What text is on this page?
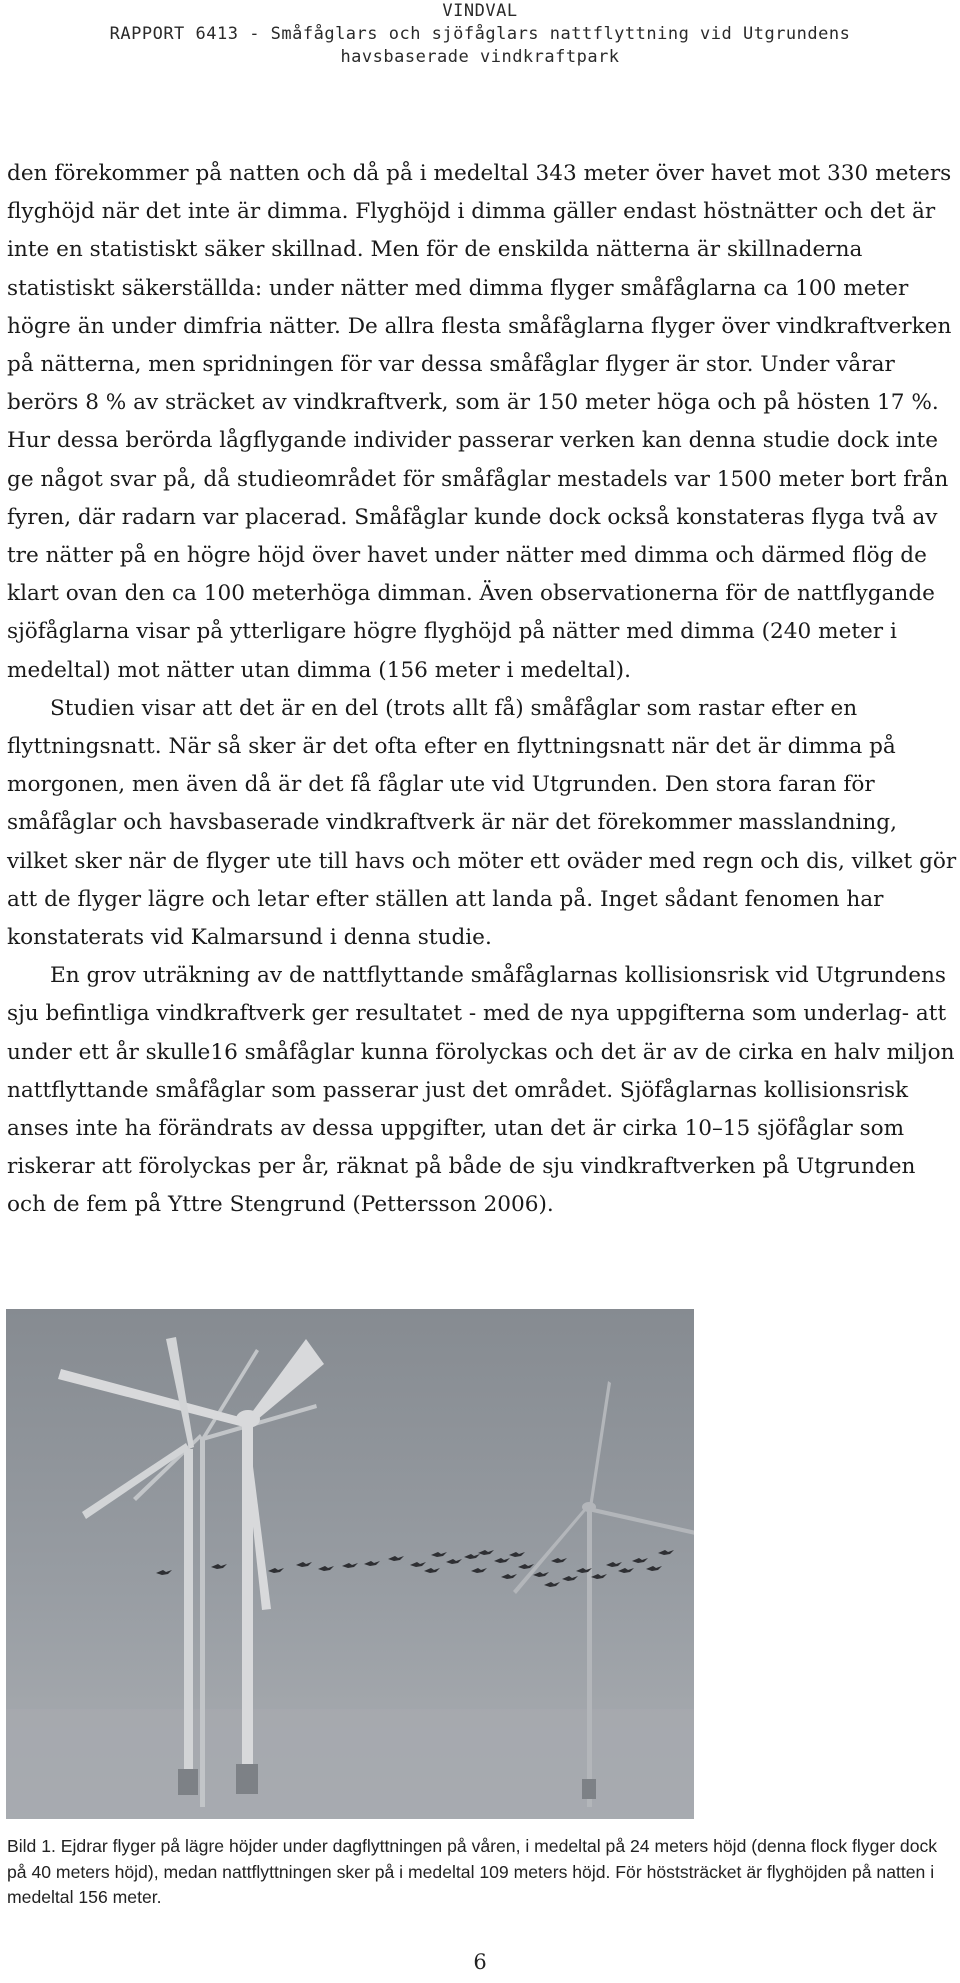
VINDVAL
RAPPORT 6413 - Småfåglars och sjöfåglars nattflyttning vid Utgrundens
havsbaserade vindkraftpark

den förekommer på natten och då på i medeltal 343 meter över havet mot 330 meters flyghöjd när det inte är dimma. Flyghöjd i dimma gäller endast höstnätter och det är inte en statistiskt säker skillnad. Men för de enskilda nätterna är skillnaderna statistiskt säkerställda: under nätter med dimma flyger småfåglarna ca 100 meter högre än under dimfria nätter. De allra flesta småfåglarna flyger över vindkraftverken på nätterna, men spridningen för var dessa småfåglar flyger är stor. Under vårar berörs 8 % av sträcket av vindkraftverk, som är 150 meter höga och på hösten 17 %. Hur dessa berörda lågflygande individer passerar verken kan denna studie dock inte ge något svar på, då studieområdet för småfåglar mestadels var 1500 meter bort från fyren, där radarn var placerad. Småfåglar kunde dock också konstateras flyga två av tre nätter på en högre höjd över havet under nätter med dimma och därmed flög de klart ovan den ca 100 meterhöga dimman. Även observationerna för de nattflygande sjöfåglarna visar på ytterligare högre flyghöjd på nätter med dimma (240 meter i medeltal) mot nätter utan dimma (156 meter i medeltal).

Studien visar att det är en del (trots allt få) småfåglar som rastar efter en flyttningsnatt. När så sker är det ofta efter en flyttningsnatt när det är dimma på morgonen, men även då är det få fåglar ute vid Utgrunden. Den stora faran för småfåglar och havsbaserade vindkraftverk är när det förekommer masslandning, vilket sker när de flyger ute till havs och möter ett oväder med regn och dis, vilket gör att de flyger lägre och letar efter ställen att landa på. Inget sådant fenomen har konstaterats vid Kalmarsund i denna studie.

En grov uträkning av de nattflyttande småfåglarnas kollisionsrisk vid Utgrundens sju befintliga vindkraftverk ger resultatet - med de nya uppgifterna som underlag- att under ett år skulle16 småfåglar kunna förolyckas och det är av de cirka en halv miljon nattflyttande småfåglar som passerar just det området. Sjöfåglarnas kollisionsrisk anses inte ha förändrats av dessa uppgifter, utan det är cirka 10–15 sjöfåglar som riskerar att förolyckas per år, räknat på både de sju vindkraftverken på Utgrunden och de fem på Yttre Stengrund (Pettersson 2006).

Bild 1. Ejdrar flyger på lägre höjder under dagflyttningen på våren, i medeltal på 24 meters höjd (denna flock flyger dock på 40 meters höjd), medan nattflyttningen sker på i medeltal 109 meters höjd. För höststräcket är flyghöjden på natten i medeltal 156 meter.
6
